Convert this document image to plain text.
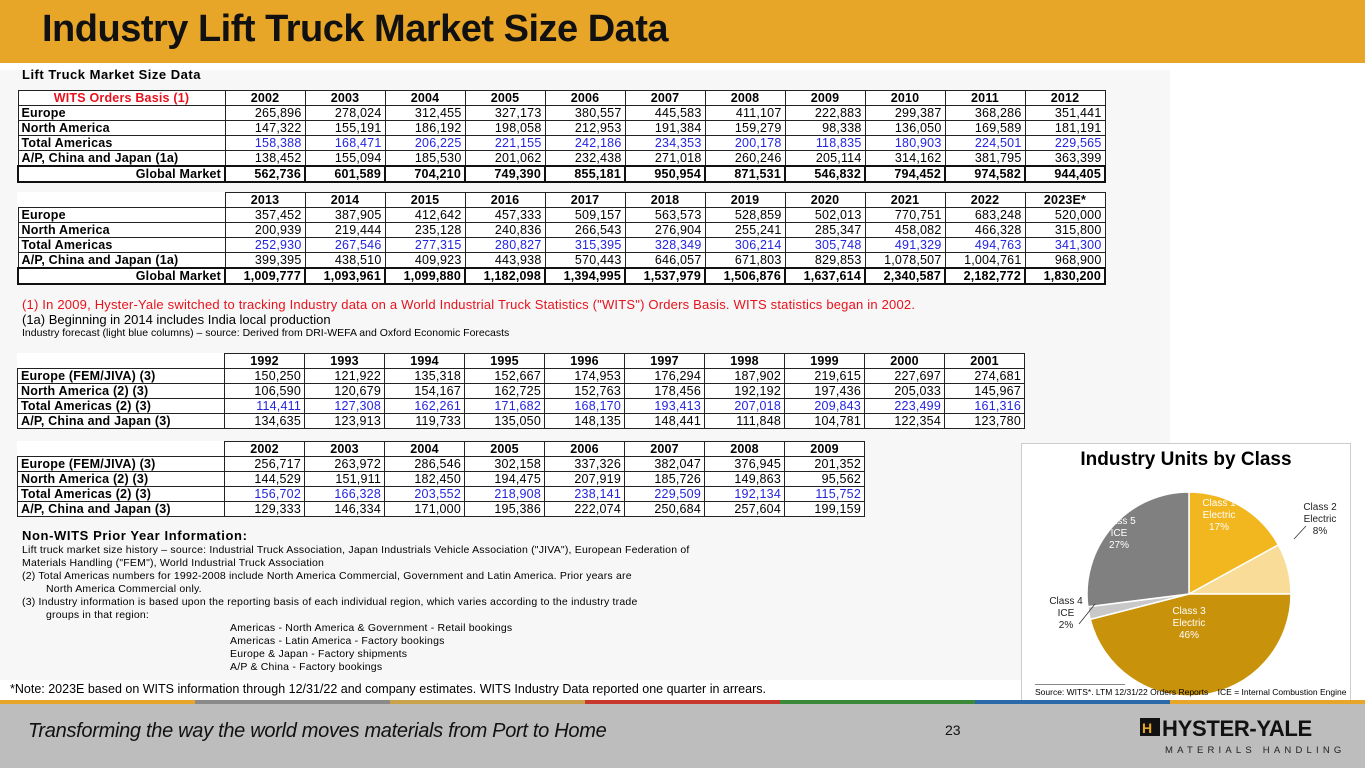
Industry Lift Truck Market Size Data
Lift Truck Market Size Data
WITS Orders Basis (1)	2002	2003	2004	2005	2006	2007	2008	2009	2010	2011	2012
Europe	265,896	278,024	312,455	327,173	380,557	445,583	411,107	222,883	299,387	368,286	351,441
North America	147,322	155,191	186,192	198,058	212,953	191,384	159,279	98,338	136,050	169,589	181,191
Total Americas	158,388	168,471	206,225	221,155	242,186	234,353	200,178	118,835	180,903	224,501	229,565
A/P, China and Japan (1a)	138,452	155,094	185,530	201,062	232,438	271,018	260,246	205,114	314,162	381,795	363,399
Global Market	562,736	601,589	704,210	749,390	855,181	950,954	871,531	546,832	794,452	974,582	944,405
	2013	2014	2015	2016	2017	2018	2019	2020	2021	2022	2023E*
Europe	357,452	387,905	412,642	457,333	509,157	563,573	528,859	502,013	770,751	683,248	520,000
North America	200,939	219,444	235,128	240,836	266,543	276,904	255,241	285,347	458,082	466,328	315,800
Total Americas	252,930	267,546	277,315	280,827	315,395	328,349	306,214	305,748	491,329	494,763	341,300
A/P, China and Japan (1a)	399,395	438,510	409,923	443,938	570,443	646,057	671,803	829,853	1,078,507	1,004,761	968,900
Global Market	1,009,777	1,093,961	1,099,880	1,182,098	1,394,995	1,537,979	1,506,876	1,637,614	2,340,587	2,182,772	1,830,200
(1) In 2009, Hyster-Yale switched to tracking Industry data on a World Industrial Truck Statistics ("WITS") Orders Basis. WITS statistics began in 2002.
(1a) Beginning in 2014 includes India local production
Industry forecast (light blue columns) – source: Derived from DRI-WEFA and Oxford Economic Forecasts
	1992	1993	1994	1995	1996	1997	1998	1999	2000	2001
Europe (FEM/JIVA) (3)	150,250	121,922	135,318	152,667	174,953	176,294	187,902	219,615	227,697	274,681
North America (2) (3)	106,590	120,679	154,167	162,725	152,763	178,456	192,192	197,436	205,033	145,967
Total Americas (2) (3)	114,411	127,308	162,261	171,682	168,170	193,413	207,018	209,843	223,499	161,316
A/P, China and Japan (3)	134,635	123,913	119,733	135,050	148,135	148,441	111,848	104,781	122,354	123,780
	2002	2003	2004	2005	2006	2007	2008	2009
Europe (FEM/JIVA) (3)	256,717	263,972	286,546	302,158	337,326	382,047	376,945	201,352
North America (2) (3)	144,529	151,911	182,450	194,475	207,919	185,726	149,863	95,562
Total Americas (2) (3)	156,702	166,328	203,552	218,908	238,141	229,509	192,134	115,752
A/P, China and Japan (3)	129,333	146,334	171,000	195,386	222,074	250,684	257,604	199,159
Non-WITS Prior Year Information:
Lift truck market size history – source: Industrial Truck Association, Japan Industrials Vehicle Association ("JIVA"), European Federation of
Materials Handling ("FEM"), World Industrial Truck Association
(2) Total Americas numbers for 1992-2008 include North America Commercial, Government and Latin America. Prior years are
North America Commercial only.
(3) Industry information is based upon the reporting basis of each individual region, which varies according to the industry trade
groups in that region:
Americas - North America & Government - Retail bookings
Americas - Latin America - Factory bookings
Europe & Japan - Factory shipments
A/P & China - Factory bookings
*Note: 2023E based on WITS information through 12/31/22 and company estimates. WITS Industry Data reported one quarter in arrears.
Industry Units by Class
Class 1 Electric 17%
Class 2 Electric 8%
Class 3 Electric 46%
Class 4 ICE 2%
Class 5 ICE 27%
Source: WITS*. LTM 12/31/22 Orders Reports ICE = Internal Combustion Engine
Transforming the way the world moves materials from Port to Home	23	H HYSTER-YALE
MATERIALS HANDLING
